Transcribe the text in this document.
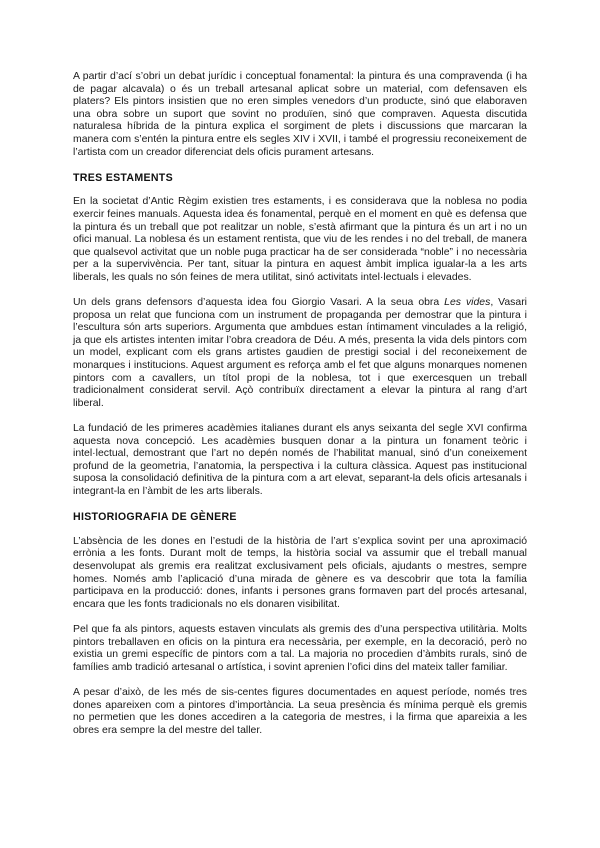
A partir d’ací s’obri un debat jurídic i conceptual fonamental: la pintura és una compravenda (i ha de pagar alcavala) o és un treball artesanal aplicat sobre un material, com defensaven els platers? Els pintors insistien que no eren simples venedors d’un producte, sinó que elaboraven una obra sobre un suport que sovint no produïen, sinó que compraven. Aquesta discutida naturalesa híbrida de la pintura explica el sorgiment de plets i discussions que marcaran la manera com s’entén la pintura entre els segles XIV i XVII, i també el progressiu reconeixement de l’artista com un creador diferenciat dels oficis purament artesans.

TRES ESTAMENTS

En la societat d’Antic Règim existien tres estaments, i es considerava que la noblesa no podia exercir feines manuals. Aquesta idea és fonamental, perquè en el moment en què es defensa que la pintura és un treball que pot realitzar un noble, s’està afirmant que la pintura és un art i no un ofici manual. La noblesa és un estament rentista, que viu de les rendes i no del treball, de manera que qualsevol activitat que un noble puga practicar ha de ser considerada “noble” i no necessària per a la supervivència. Per tant, situar la pintura en aquest àmbit implica igualar-la a les arts liberals, les quals no són feines de mera utilitat, sinó activitats intel·lectuals i elevades.

Un dels grans defensors d’aquesta idea fou Giorgio Vasari. A la seua obra Les vides, Vasari proposa un relat que funciona com un instrument de propaganda per demostrar que la pintura i l’escultura són arts superiors. Argumenta que ambdues estan íntimament vinculades a la religió, ja que els artistes intenten imitar l’obra creadora de Déu. A més, presenta la vida dels pintors com un model, explicant com els grans artistes gaudien de prestigi social i del reconeixement de monarques i institucions. Aquest argument es reforça amb el fet que alguns monarques nomenen pintors com a cavallers, un títol propi de la noblesa, tot i que exercesquen un treball tradicionalment considerat servil. Açò contribuïx directament a elevar la pintura al rang d’art liberal.

La fundació de les primeres acadèmies italianes durant els anys seixanta del segle XVI confirma aquesta nova concepció. Les acadèmies busquen donar a la pintura un fonament teòric i intel·lectual, demostrant que l’art no depén només de l’habilitat manual, sinó d’un coneixement profund de la geometria, l’anatomia, la perspectiva i la cultura clàssica. Aquest pas institucional suposa la consolidació definitiva de la pintura com a art elevat, separant-la dels oficis artesanals i integrant-la en l’àmbit de les arts liberals.

HISTORIOGRAFIA DE GÈNERE

L’absència de les dones en l’estudi de la història de l’art s’explica sovint per una aproximació errònia a les fonts. Durant molt de temps, la història social va assumir que el treball manual desenvolupat als gremis era realitzat exclusivament pels oficials, ajudants o mestres, sempre homes. Només amb l’aplicació d’una mirada de gènere es va descobrir que tota la família participava en la producció: dones, infants i persones grans formaven part del procés artesanal, encara que les fonts tradicionals no els donaren visibilitat.

Pel que fa als pintors, aquests estaven vinculats als gremis des d’una perspectiva utilitària. Molts pintors treballaven en oficis on la pintura era necessària, per exemple, en la decoració, però no existia un gremi específic de pintors com a tal. La majoria no procedien d’àmbits rurals, sinó de famílies amb tradició artesanal o artística, i sovint aprenien l’ofici dins del mateix taller familiar.

A pesar d’això, de les més de sis-centes figures documentades en aquest període, només tres dones apareixen com a pintores d’importància. La seua presència és mínima perquè els gremis no permetien que les dones accediren a la categoria de mestres, i la firma que apareixia a les obres era sempre la del mestre del taller.
